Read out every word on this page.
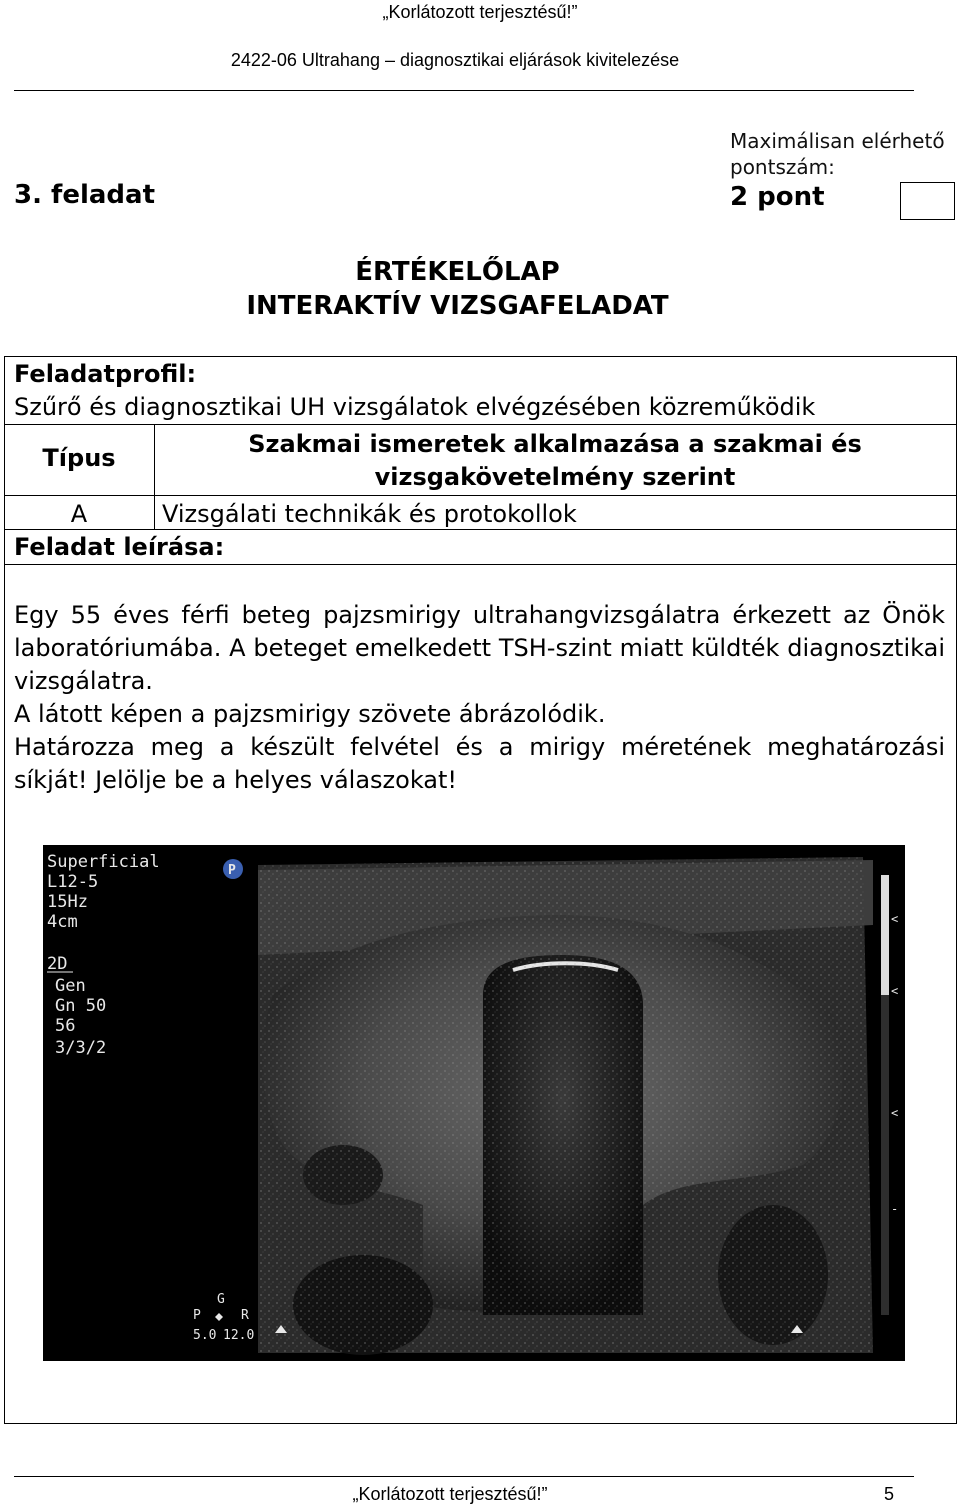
„Korlátozott terjesztésű!”
2422-06 Ultrahang – diagnosztikai eljárások kivitelezése
3. feladat
Maximálisan elérhető pontszám:
2 pont
ÉRTÉKELŐLAP
INTERAKTÍV VIZSGAFELADAT
Feladatprofil:
Szűrő és diagnosztikai UH vizsgálatok elvégzésében közreműködik
Típus	Szakmai ismeretek alkalmazása a szakmai és
vizsgakövetelmény szerint
A	Vizsgálati technikák és protokollok
Feladat leírása:

Egy 55 éves férfi beteg pajzsmirigy ultrahangvizsgálatra érkezett az Önök laboratóriumába. A beteget emelkedett TSH-szint miatt küldték diagnosztikai vizsgálatra.

A látott képen a pajzsmirigy szövete ábrázolódik.

Határozza meg a készült felvétel és a mirigy méretének meghatározási síkját! Jelölje be a helyes válaszokat!

<
<
<
-
Superficial	P
L12-5
15Hz
4cm
2D
Gen
Gn 50
56
3/3/2
G
P	R
5.0 12.0
„Korlátozott terjesztésű!”	5
